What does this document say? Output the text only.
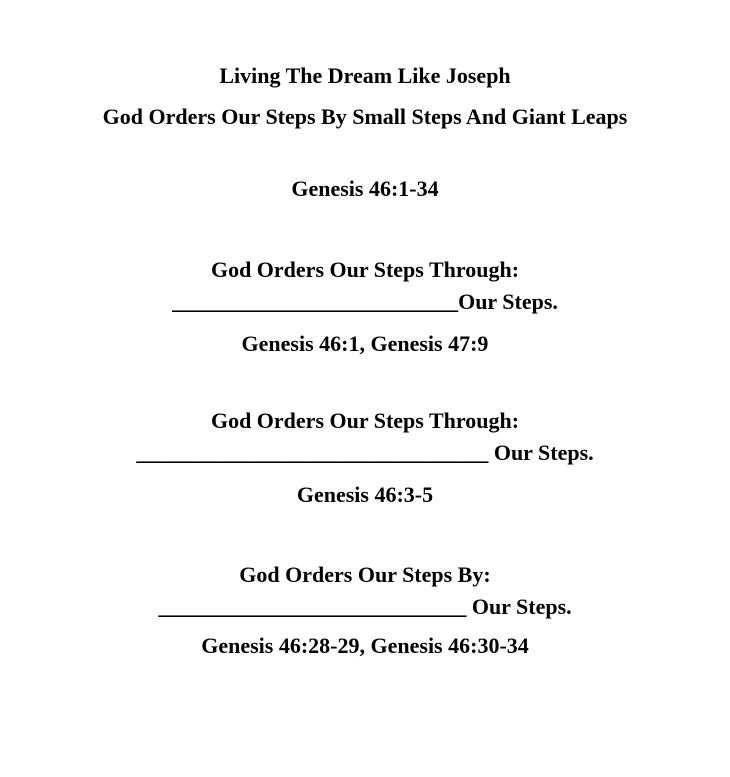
Living The Dream Like Joseph
God Orders Our Steps By Small Steps And Giant Leaps
Genesis 46:1-34
God Orders Our Steps Through:
__________________________Our Steps.
Genesis 46:1, Genesis 47:9
God Orders Our Steps Through:
________________________________ Our Steps.
Genesis 46:3-5
God Orders Our Steps By:
____________________________ Our Steps.
Genesis 46:28-29, Genesis 46:30-34
